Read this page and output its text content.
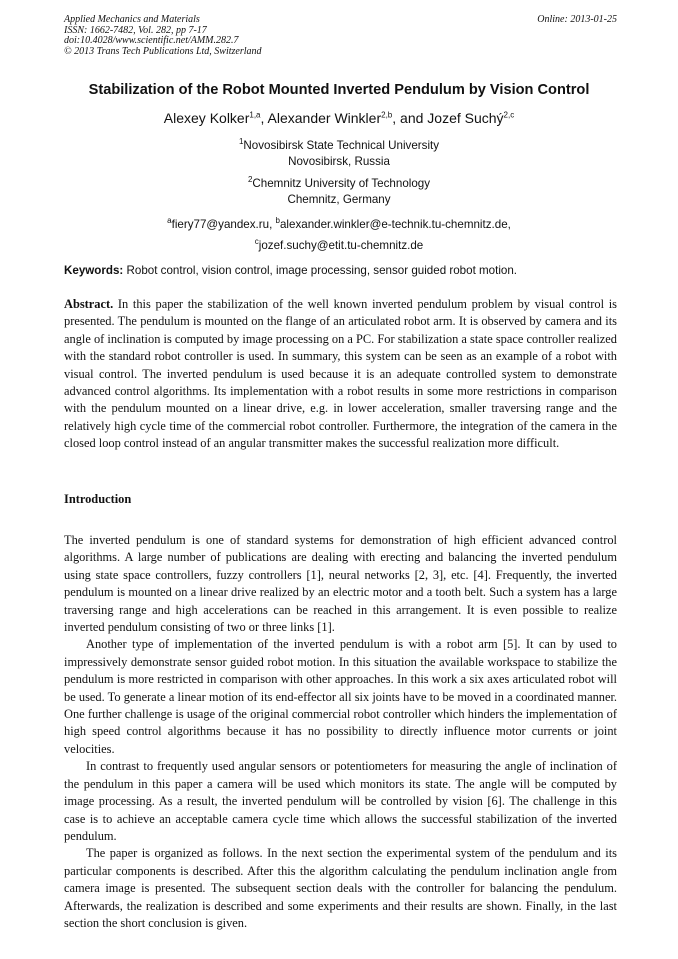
Applied Mechanics and Materials
ISSN: 1662-7482, Vol. 282, pp 7-17
doi:10.4028/www.scientific.net/AMM.282.7
© 2013 Trans Tech Publications Ltd, Switzerland
Online: 2013-01-25
Stabilization of the Robot Mounted Inverted Pendulum by Vision Control
Alexey Kolker$^{1,a}$, Alexander Winkler$^{2,b}$, and Jozef Suchý$^{2,c}$
$^1$Novosibirsk State Technical University
Novosibirsk, Russia
$^2$Chemnitz University of Technology
Chemnitz, Germany
$^a$fiery77@yandex.ru, $^b$alexander.winkler@e-technik.tu-chemnitz.de,
$^c$jozef.suchy@etit.tu-chemnitz.de
Keywords: Robot control, vision control, image processing, sensor guided robot motion.
Abstract. In this paper the stabilization of the well known inverted pendulum problem by visual control is presented. The pendulum is mounted on the flange of an articulated robot arm. It is observed by camera and its angle of inclination is computed by image processing on a PC. For stabilization a state space controller realized with the standard robot controller is used. In summary, this system can be seen as an example of a robot with visual control. The inverted pendulum is used because it is an adequate controlled system to demonstrate advanced control algorithms. Its implementation with a robot results in some more restrictions in comparison with the pendulum mounted on a linear drive, e.g. in lower acceleration, smaller traversing range and the relatively high cycle time of the commercial robot controller. Furthermore, the integration of the camera in the closed loop control instead of an angular transmitter makes the successful realization more difficult.
Introduction

The inverted pendulum is one of standard systems for demonstration of high efficient advanced control algorithms. A large number of publications are dealing with erecting and balancing the inverted pendulum using state space controllers, fuzzy controllers [1], neural networks [2, 3], etc. [4]. Frequently, the inverted pendulum is mounted on a linear drive realized by an electric motor and a tooth belt. Such a system has a large traversing range and high accelerations can be reached in this arrangement. It is even possible to realize inverted pendulum consisting of two or three links [1].

Another type of implementation of the inverted pendulum is with a robot arm [5]. It can by used to impressively demonstrate sensor guided robot motion. In this situation the available workspace to stabilize the pendulum is more restricted in comparison with other approaches. In this work a six axes articulated robot will be used. To generate a linear motion of its end-effector all six joints have to be moved in a coordinated manner. One further challenge is usage of the original commercial robot controller which hinders the implementation of high speed control algorithms because it has no possibility to directly influence motor currents or joint velocities.

In contrast to frequently used angular sensors or potentiometers for measuring the angle of inclination of the pendulum in this paper a camera will be used which monitors its state. The angle will be computed by image processing. As a result, the inverted pendulum will be controlled by vision [6]. The challenge in this case is to achieve an acceptable camera cycle time which allows the successful stabilization of the inverted pendulum.

The paper is organized as follows. In the next section the experimental system of the pendulum and its particular components is described. After this the algorithm calculating the pendulum inclination angle from camera image is presented. The subsequent section deals with the controller for balancing the pendulum. Afterwards, the realization is described and some experiments and their results are shown. Finally, in the last section the short conclusion is given.
